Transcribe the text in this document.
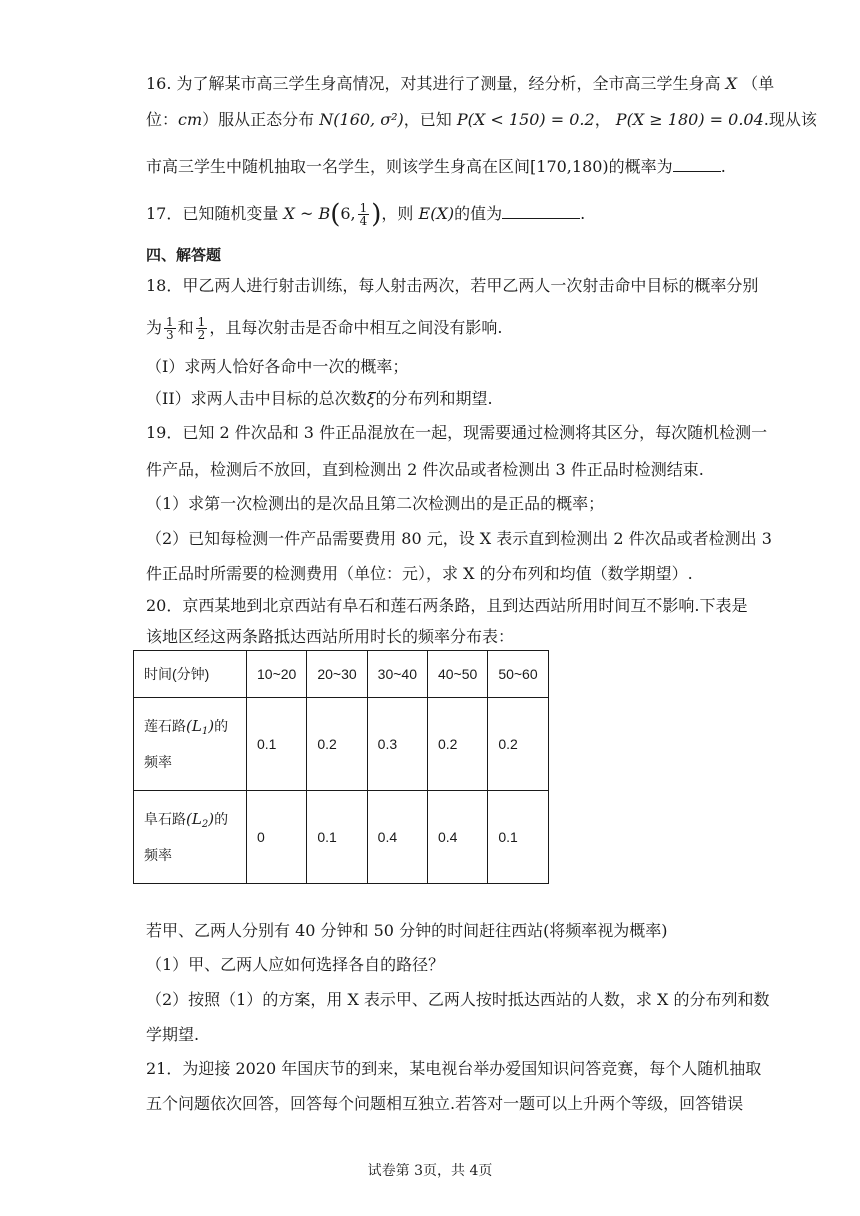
16. 为了解某市高三学生身高情况，对其进行了测量，经分析，全市高三学生身高 X （单
位：cm）服从正态分布 N(160, σ²)，已知 P(X < 150) = 0.2， P(X ≥ 180) = 0.04.现从该
市高三学生中随机抽取一名学生，则该学生身高在区间[170,180)的概率为	.
17．已知随机变量 X ~ B(6, $\frac{1}{4}$ )，则 E(X)的值为	.
四、解答题
18．甲乙两人进行射击训练，每人射击两次，若甲乙两人一次射击命中目标的概率分别
为 $\frac{1}{3}$ 和 $\frac{1}{2}$ ，且每次射击是否命中相互之间没有影响.
（I）求两人恰好各命中一次的概率；
（II）求两人击中目标的总次数ξ的分布列和期望.
19．已知 2 件次品和 3 件正品混放在一起，现需要通过检测将其区分，每次随机检测一
件产品，检测后不放回，直到检测出 2 件次品或者检测出 3 件正品时检测结束.
（1）求第一次检测出的是次品且第二次检测出的是正品的概率；
（2）已知每检测一件产品需要费用 80 元，设 X 表示直到检测出 2 件次品或者检测出 3
件正品时所需要的检测费用（单位：元），求 X 的分布列和均值（数学期望）.
20．京西某地到北京西站有阜石和莲石两条路，且到达西站所用时间互不影响.下表是
该地区经这两条路抵达西站所用时长的频率分布表：
时间(分钟)	10~20	20~30	30~40	40~50	50~60
莲石路$(L_1)$的
频率	0.1	0.2	0.3	0.2	0.2
阜石路$(L_2)$的
频率	0	0.1	0.4	0.4	0.1
若甲、乙两人分别有 40 分钟和 50 分钟的时间赶往西站(将频率视为概率)
（1）甲、乙两人应如何选择各自的路径？
（2）按照（1）的方案，用 X 表示甲、乙两人按时抵达西站的人数，求 X 的分布列和数
学期望.
21．为迎接 2020 年国庆节的到来，某电视台举办爱国知识问答竞赛，每个人随机抽取
五个问题依次回答，回答每个问题相互独立.若答对一题可以上升两个等级，回答错误
试卷第 3页，共 4页
